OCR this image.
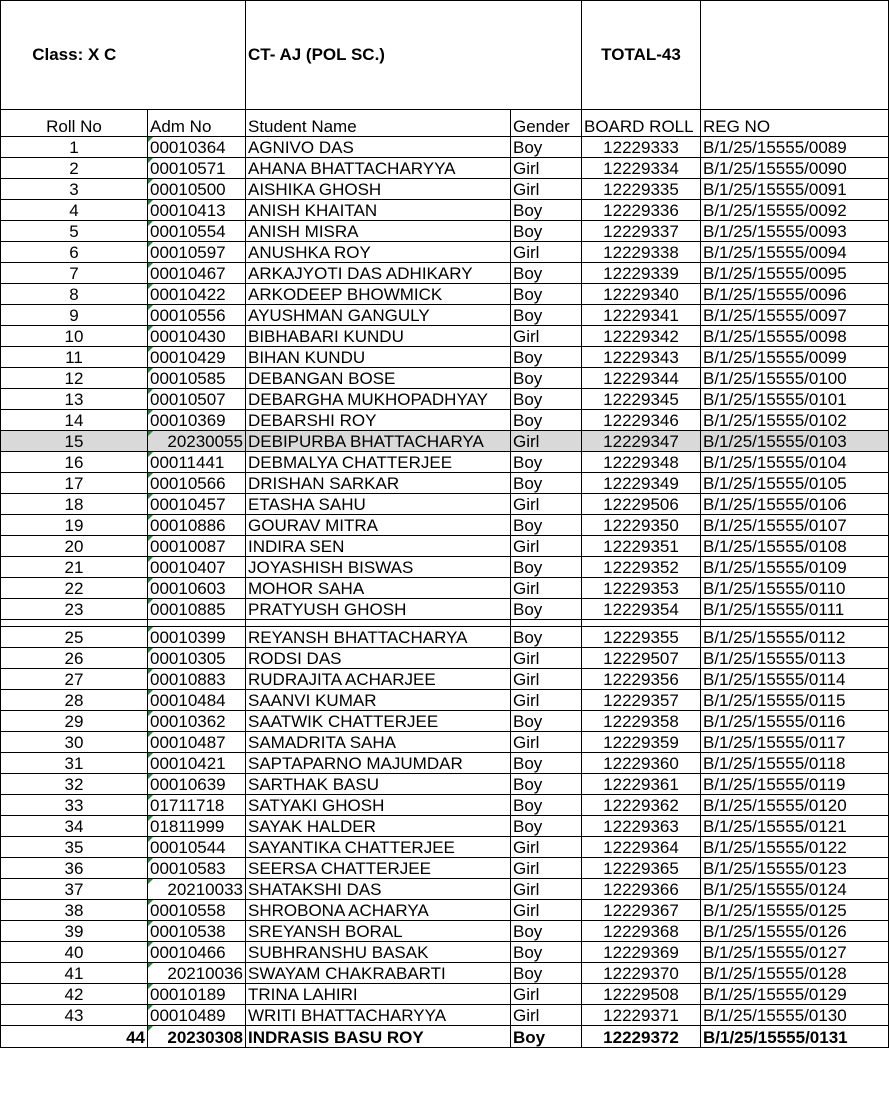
Class: X C		CT- AJ (POL SC.)		TOTAL-43	
Roll No	Adm No	Student Name	Gender	BOARD ROLL	REG NO
1	00010364	AGNIVO DAS	Boy	12229333	B/1/25/15555/0089
2	00010571	AHANA BHATTACHARYYA	Girl	12229334	B/1/25/15555/0090
3	00010500	AISHIKA GHOSH	Girl	12229335	B/1/25/15555/0091
4	00010413	ANISH KHAITAN	Boy	12229336	B/1/25/15555/0092
5	00010554	ANISH MISRA	Boy	12229337	B/1/25/15555/0093
6	00010597	ANUSHKA ROY	Girl	12229338	B/1/25/15555/0094
7	00010467	ARKAJYOTI DAS ADHIKARY	Boy	12229339	B/1/25/15555/0095
8	00010422	ARKODEEP BHOWMICK	Boy	12229340	B/1/25/15555/0096
9	00010556	AYUSHMAN GANGULY	Boy	12229341	B/1/25/15555/0097
10	00010430	BIBHABARI KUNDU	Girl	12229342	B/1/25/15555/0098
11	00010429	BIHAN KUNDU	Boy	12229343	B/1/25/15555/0099
12	00010585	DEBANGAN BOSE	Boy	12229344	B/1/25/15555/0100
13	00010507	DEBARGHA MUKHOPADHYAY	Boy	12229345	B/1/25/15555/0101
14	00010369	DEBARSHI ROY	Boy	12229346	B/1/25/15555/0102
15	20230055	DEBIPURBA BHATTACHARYA	Girl	12229347	B/1/25/15555/0103
16	00011441	DEBMALYA CHATTERJEE	Boy	12229348	B/1/25/15555/0104
17	00010566	DRISHAN SARKAR	Boy	12229349	B/1/25/15555/0105
18	00010457	ETASHA SAHU	Girl	12229506	B/1/25/15555/0106
19	00010886	GOURAV MITRA	Boy	12229350	B/1/25/15555/0107
20	00010087	INDIRA SEN	Girl	12229351	B/1/25/15555/0108
21	00010407	JOYASHISH BISWAS	Boy	12229352	B/1/25/15555/0109
22	00010603	MOHOR SAHA	Girl	12229353	B/1/25/15555/0110
23	00010885	PRATYUSH GHOSH	Boy	12229354	B/1/25/15555/0111

25	00010399	REYANSH BHATTACHARYA	Boy	12229355	B/1/25/15555/0112
26	00010305	RODSI DAS	Girl	12229507	B/1/25/15555/0113
27	00010883	RUDRAJITA ACHARJEE	Girl	12229356	B/1/25/15555/0114
28	00010484	SAANVI KUMAR	Girl	12229357	B/1/25/15555/0115
29	00010362	SAATWIK CHATTERJEE	Boy	12229358	B/1/25/15555/0116
30	00010487	SAMADRITA SAHA	Girl	12229359	B/1/25/15555/0117
31	00010421	SAPTAPARNO MAJUMDAR	Boy	12229360	B/1/25/15555/0118
32	00010639	SARTHAK BASU	Boy	12229361	B/1/25/15555/0119
33	01711718	SATYAKI GHOSH	Boy	12229362	B/1/25/15555/0120
34	01811999	SAYAK HALDER	Boy	12229363	B/1/25/15555/0121
35	00010544	SAYANTIKA CHATTERJEE	Girl	12229364	B/1/25/15555/0122
36	00010583	SEERSA CHATTERJEE	Girl	12229365	B/1/25/15555/0123
37	20210033	SHATAKSHI DAS	Girl	12229366	B/1/25/15555/0124
38	00010558	SHROBONA ACHARYA	Girl	12229367	B/1/25/15555/0125
39	00010538	SREYANSH BORAL	Boy	12229368	B/1/25/15555/0126
40	00010466	SUBHRANSHU BASAK	Boy	12229369	B/1/25/15555/0127
41	20210036	SWAYAM CHAKRABARTI	Boy	12229370	B/1/25/15555/0128
42	00010189	TRINA LAHIRI	Girl	12229508	B/1/25/15555/0129
43	00010489	WRITI BHATTACHARYYA	Girl	12229371	B/1/25/15555/0130
44	20230308	INDRASIS BASU ROY	Boy	12229372	B/1/25/15555/0131
